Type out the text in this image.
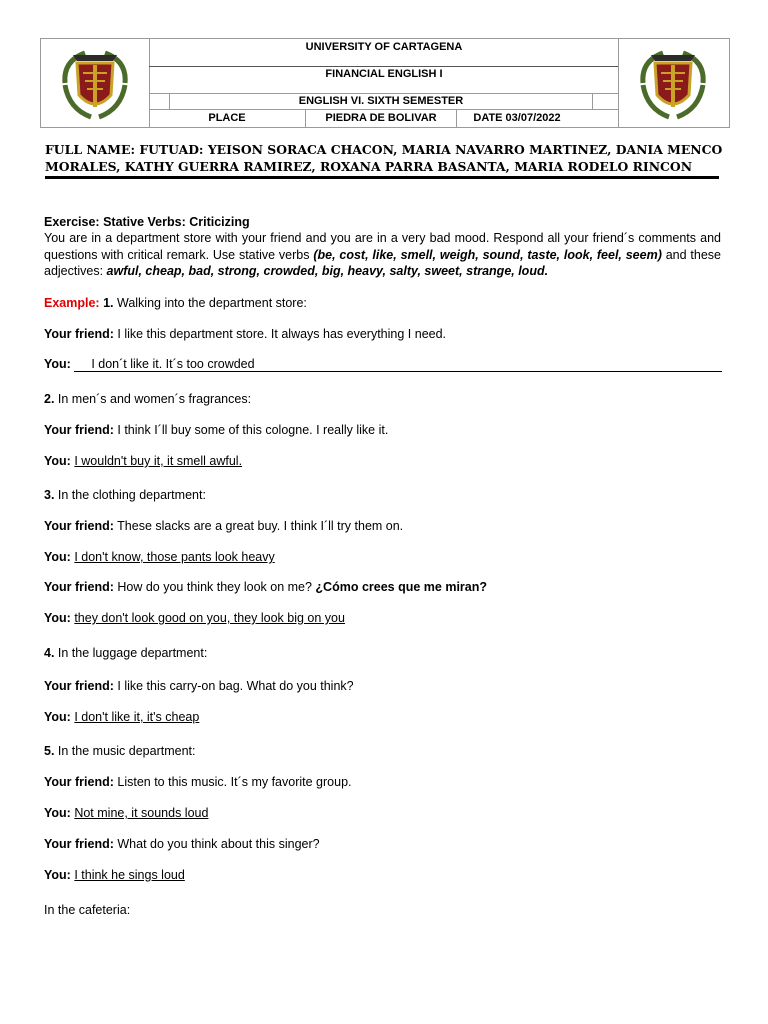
UNIVERSITY OF CARTAGENA
FINANCIAL ENGLISH I
ENGLISH VI. SIXTH SEMESTER
PLACE	PIEDRA DE BOLIVAR	DATE 03/07/2022
FULL NAME: FUTUAD: YEISON SORACA CHACON, MARIA NAVARRO MARTINEZ, DANIA MENCO MORALES, KATHY GUERRA RAMIREZ, ROXANA PARRA BASANTA, MARIA RODELO RINCON
Exercise: Stative Verbs: Criticizing
You are in a department store with your friend and you are in a very bad mood. Respond all your friend´s comments and questions with critical remark. Use stative verbs (be, cost, like, smell, weigh, sound, taste, look, feel, seem) and these adjectives: awful, cheap, bad, strong, crowded, big, heavy, salty, sweet, strange, loud.
Example: 1. Walking into the department store:
Your friend: I like this department store. It always has everything I need.
You: I don´t like it. It´s too crowded
2. In men´s and women´s fragrances:
Your friend: I think I´ll buy some of this cologne. I really like it.
You: I wouldn't buy it, it smell awful.
3. In the clothing department:
Your friend: These slacks are a great buy. I think I´ll try them on.
You: I don't know, those pants look heavy
Your friend: How do you think they look on me? ¿Cómo crees que me miran?
You: they don't look good on you, they look big on you
4. In the luggage department:
Your friend: I like this carry-on bag. What do you think?
You: I don't like it, it's cheap
5. In the music department:
Your friend: Listen to this music. It´s my favorite group.
You: Not mine, it sounds loud
Your friend: What do you think about this singer?
You: I think he sings loud
In the cafeteria:
